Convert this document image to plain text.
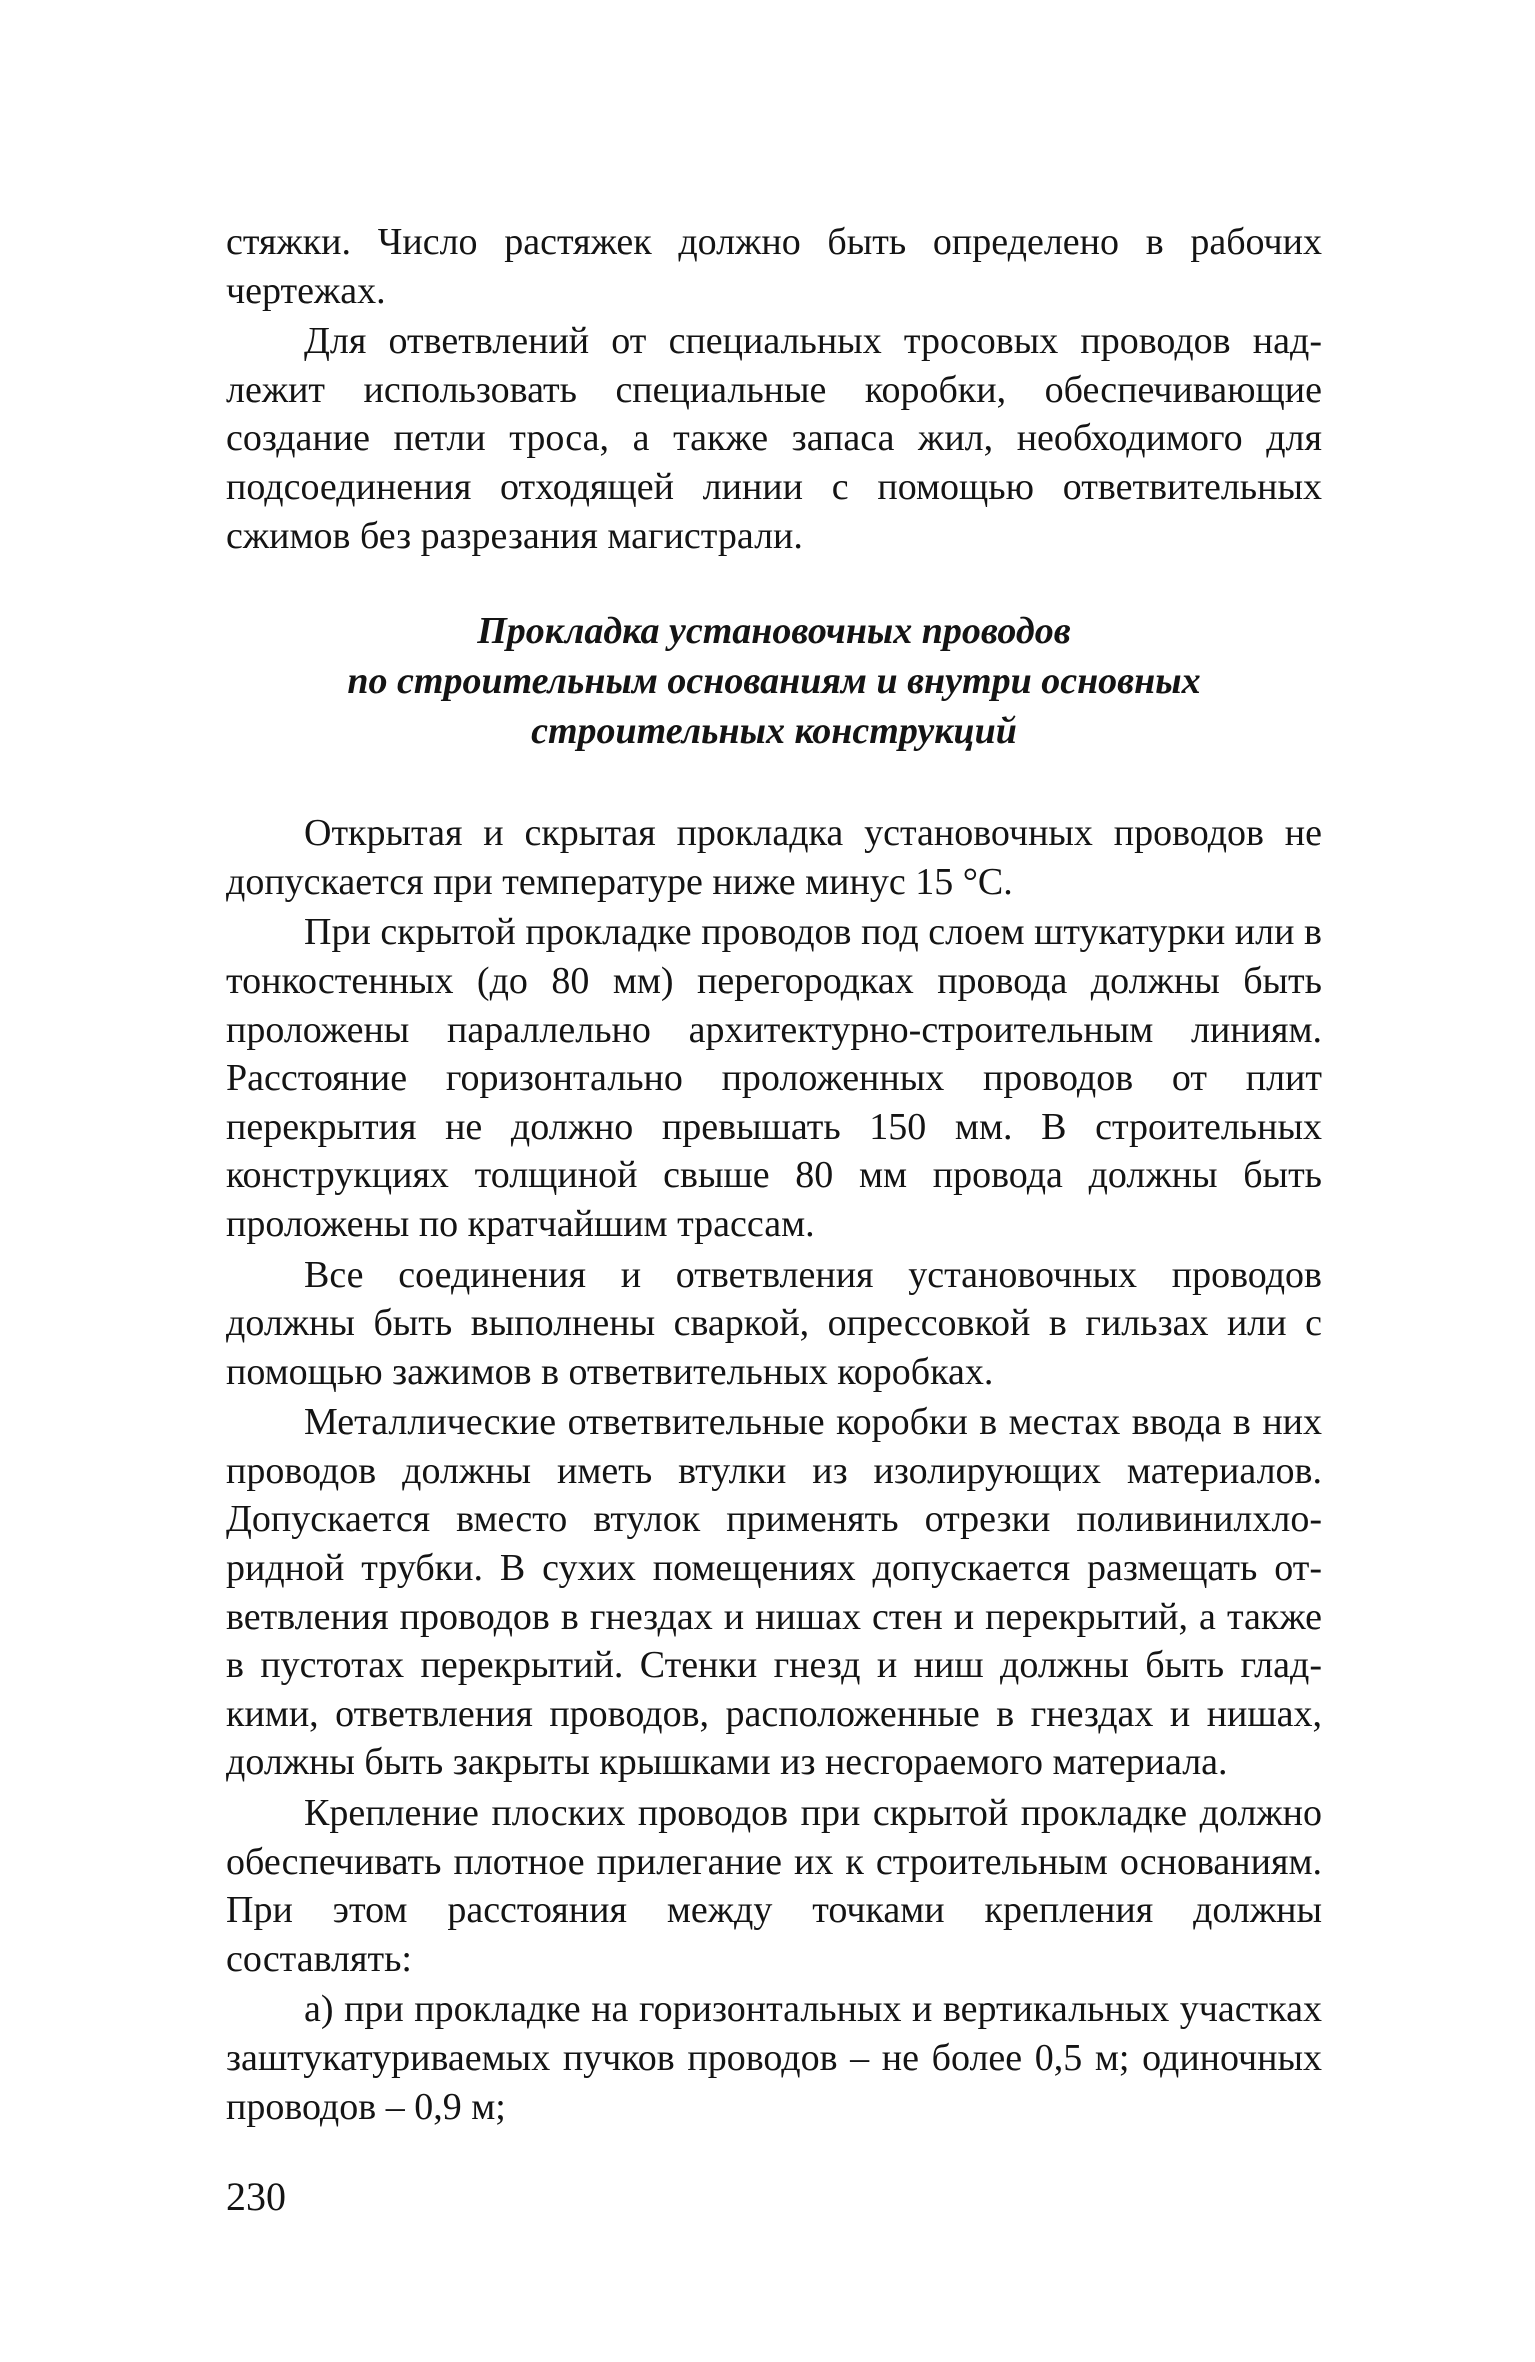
стяжки. Число растяжек должно быть определено в рабочих чертежах.

Для ответвлений от специальных тросовых проводов надлежит использовать специальные коробки, обеспечивающие создание петли троса, а также запаса жил, необходимого для подсоединения отходящей линии с помощью ответвительных сжимов без разрезания магистрали.

Прокладка установочных проводов
по строительным основаниям и внутри основных
строительных конструкций

Открытая и скрытая прокладка установочных проводов не допускается при температуре ниже минус 15 °С.

При скрытой прокладке проводов под слоем штукатурки или в тонкостенных (до 80 мм) перегородках провода должны быть проложены параллельно архитектурно-строительным линиям. Расстояние горизонтально проложенных проводов от плит перекрытия не должно превышать 150 мм. В строительных конструкциях толщиной свыше 80 мм провода должны быть проложены по кратчайшим трассам.

Все соединения и ответвления установочных проводов должны быть выполнены сваркой, опрессовкой в гильзах или с помощью зажимов в ответвительных коробках.

Металлические ответвительные коробки в местах ввода в них проводов должны иметь втулки из изолирующих материалов. Допускается вместо втулок применять отрезки поливинилхлоридной трубки. В сухих помещениях допускается размещать ответвления проводов в гнездах и нишах стен и перекрытий, а также в пустотах перекрытий. Стенки гнезд и ниш должны быть гладкими, ответвления проводов, расположенные в гнездах и нишах, должны быть закрыты крышками из несгораемого материала.

Крепление плоских проводов при скрытой прокладке должно обеспечивать плотное прилегание их к строительным основаниям. При этом расстояния между точками крепления должны составлять:

а) при прокладке на горизонтальных и вертикальных участках заштукатуриваемых пучков проводов – не более 0,5 м; одиночных проводов – 0,9 м;

230
